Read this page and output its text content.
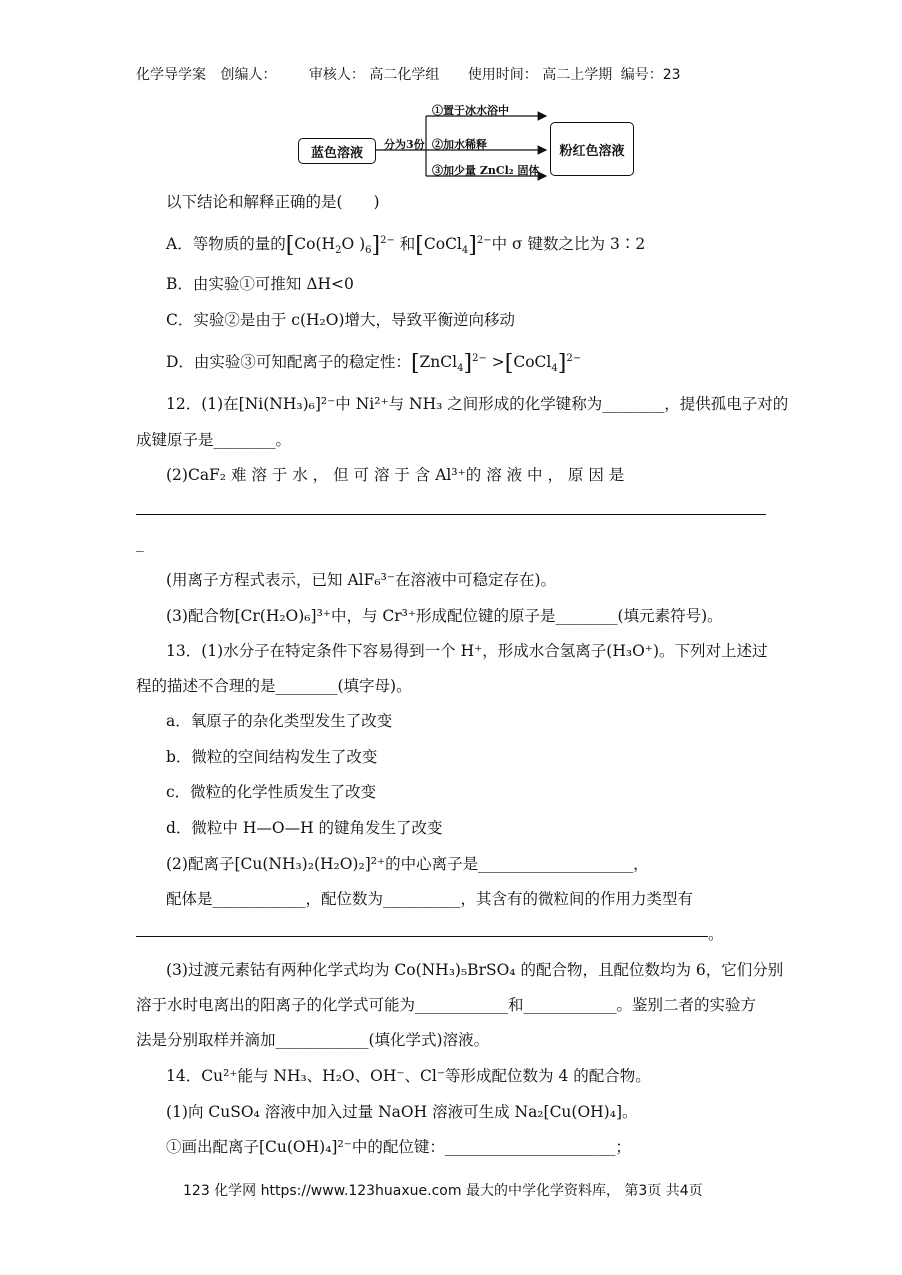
化学导学案 创编人： 审核人： 高二化学组 使用时间： 高二上学期 编号：23
蓝色溶液
分为3份
①置于冰水浴中
②加水稀释
③加少量 ZnCl₂ 固体
粉红色溶液
以下结论和解释正确的是(　　)
A．等物质的量的[$Co(H_2O$ )$_6]^{2-}$ 和[CoCl$_4$]$^{2-}$中 σ 键数之比为 3∶2
B．由实验①可推知 ΔH<0
C．实验②是由于 c(H₂O)增大，导致平衡逆向移动
D．由实验③可知配离子的稳定性：[ZnCl$_4$]$^{2-}$ >[CoCl$_4$]$^{2-}$
12．(1)在[Ni(NH₃)₆]²⁻中 Ni²⁺与 NH₃ 之间形成的化学键称为________，提供孤电子对的
成键原子是________。
(2)CaF₂ 难 溶 于 水 ， 但 可 溶 于 含 Al³⁺的 溶 液 中 ， 原 因 是
_
(用离子方程式表示，已知 AlF₆³⁻在溶液中可稳定存在)。
(3)配合物[Cr(H₂O)₆]³⁺中，与 Cr³⁺形成配位键的原子是________(填元素符号)。
13．(1)水分子在特定条件下容易得到一个 H⁺，形成水合氢离子(H₃O⁺)。下列对上述过
程的描述不合理的是________(填字母)。
a．氧原子的杂化类型发生了改变
b．微粒的空间结构发生了改变
c．微粒的化学性质发生了改变
d．微粒中 H—O—H 的键角发生了改变
(2)配离子[Cu(NH₃)₂(H₂O)₂]²⁺的中心离子是____________________，
配体是____________，配位数为__________，其含有的微粒间的作用力类型有
。
(3)过渡元素钴有两种化学式均为 Co(NH₃)₅BrSO₄ 的配合物，且配位数均为 6，它们分别
溶于水时电离出的阳离子的化学式可能为____________和____________。鉴别二者的实验方
法是分别取样并滴加____________(填化学式)溶液。
14．Cu²⁺能与 NH₃、H₂O、OH⁻、Cl⁻等形成配位数为 4 的配合物。
(1)向 CuSO₄ 溶液中加入过量 NaOH 溶液可生成 Na₂[Cu(OH)₄]。
①画出配离子[Cu(OH)₄]²⁻中的配位键：______________________；
123 化学网 https://www.123huaxue.com 最大的中学化学资料库， 第3页 共4页
